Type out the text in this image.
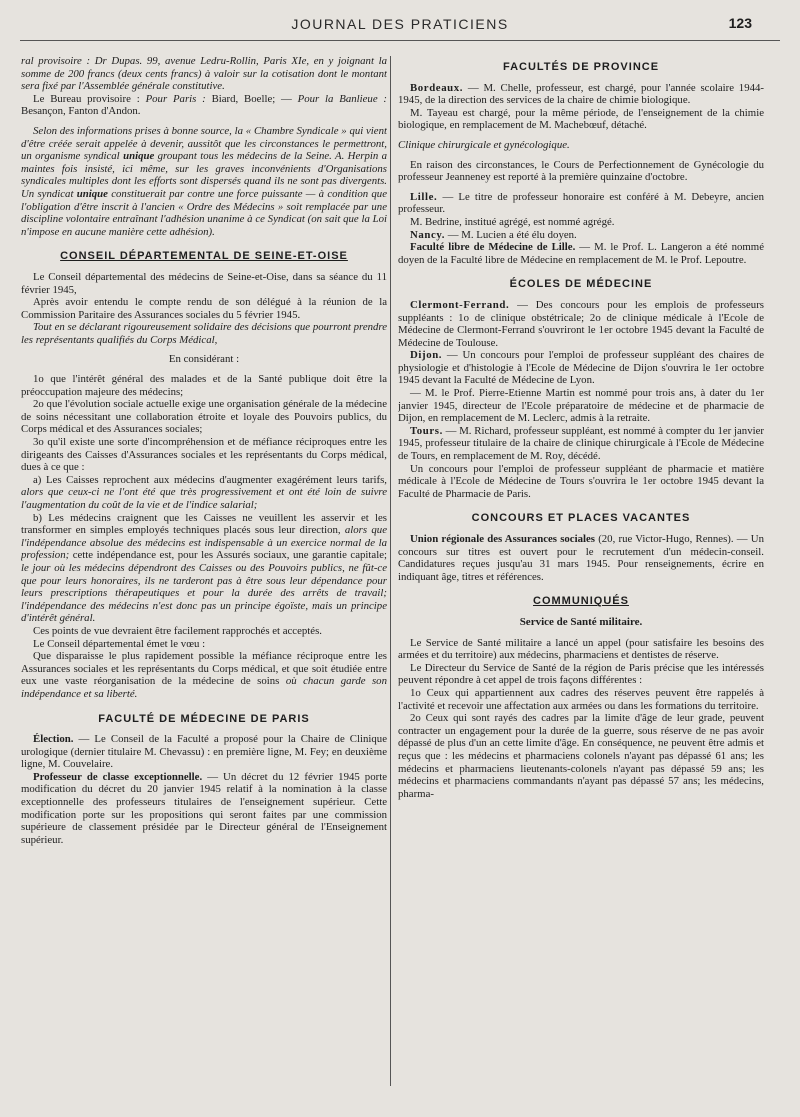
JOURNAL DES PRATICIENS	123

ral provisoire : Dr Dupas. 99, avenue Ledru-Rollin, Paris XIe, en y joignant la somme de 200 francs (deux cents francs) à valoir sur la cotisation dont le montant sera fixé par l'Assemblée générale constitutive.

Le Bureau provisoire : Pour Paris : Biard, Boelle; — Pour la Banlieue : Besançon, Fanton d'Andon.

Selon des informations prises à bonne source, la « Chambre Syndicale » qui vient d'être créée serait appelée à devenir, aussitôt que les circonstances le permettront, un organisme syndical unique groupant tous les médecins de la Seine. A. Herpin a maintes fois insisté, ici même, sur les graves inconvénients d'Organisations syndicales multiples dont les efforts sont dispersés quand ils ne sont pas divergents. Un syndicat unique constituerait par contre une force puissante — à condition que l'obligation d'être inscrit à l'ancien « Ordre des Médecins » soit remplacée par une discipline volontaire entraînant l'adhésion unanime à ce Syndicat (on sait que la Loi n'impose en aucune manière cette adhésion).

CONSEIL DÉPARTEMENTAL DE SEINE-ET-OISE

Le Conseil départemental des médecins de Seine-et-Oise, dans sa séance du 11 février 1945,

Après avoir entendu le compte rendu de son délégué à la réunion de la Commission Paritaire des Assurances sociales du 5 février 1945.

Tout en se déclarant rigoureusement solidaire des décisions que pourront prendre les représentants qualifiés du Corps Médical,

En considérant :

1o que l'intérêt général des malades et de la Santé publique doit être la préoccupation majeure des médecins;

2o que l'évolution sociale actuelle exige une organisation générale de la médecine de soins nécessitant une collaboration étroite et loyale des Pouvoirs publics, du Corps médical et des Assurances sociales;

3o qu'il existe une sorte d'incompréhension et de méfiance réciproques entre les dirigeants des Caisses d'Assurances sociales et les représentants du Corps médical, dues à ce que :

a) Les Caisses reprochent aux médecins d'augmenter exagérément leurs tarifs, alors que ceux-ci ne l'ont été que très progressivement et ont été loin de suivre l'augmentation du coût de la vie et de l'indice salarial;

b) Les médecins craignent que les Caisses ne veuillent les asservir et les transformer en simples employés techniques placés sous leur direction, alors que l'indépendance absolue des médecins est indispensable à un exercice normal de la profession; cette indépendance est, pour les Assurés sociaux, une garantie capitale; le jour où les médecins dépendront des Caisses ou des Pouvoirs publics, ne fût-ce que pour leurs honoraires, ils ne tarderont pas à être sous leur dépendance pour leurs prescriptions thérapeutiques et pour la durée des arrêts de travail; l'indépendance des médecins n'est donc pas un principe égoïste, mais un principe d'intérêt général.

Ces points de vue devraient être facilement rapprochés et acceptés.

Le Conseil départemental émet le vœu :

Que disparaisse le plus rapidement possible la méfiance réciproque entre les Assurances sociales et les représentants du Corps médical, et que soit étudiée entre eux une vaste réorganisation de la médecine de soins où chacun garde son indépendance et sa liberté.

FACULTÉ DE MÉDECINE DE PARIS

Élection. — Le Conseil de la Faculté a proposé pour la Chaire de Clinique urologique (dernier titulaire M. Chevassu) : en première ligne, M. Fey; en deuxième ligne, M. Couvelaire.

Professeur de classe exceptionnelle. — Un décret du 12 février 1945 porte modification du décret du 20 janvier 1945 relatif à la nomination à la classe exceptionnelle des professeurs titulaires de l'enseignement supérieur. Cette modification porte sur les propositions qui seront faites par une commission supérieure de classement présidée par le Directeur général de l'Enseignement supérieur.

FACULTÉS DE PROVINCE

Bordeaux. — M. Chelle, professeur, est chargé, pour l'année scolaire 1944-1945, de la direction des services de la chaire de chimie biologique.

M. Tayeau est chargé, pour la même période, de l'enseignement de la chimie biologique, en remplacement de M. Machebœuf, détaché.

Clinique chirurgicale et gynécologique.

En raison des circonstances, le Cours de Perfectionnement de Gynécologie du professeur Jeanneney est reporté à la première quinzaine d'octobre.

Lille. — Le titre de professeur honoraire est conféré à M. Debeyre, ancien professeur.

M. Bedrine, institué agrégé, est nommé agrégé.

Nancy. — M. Lucien a été élu doyen.

Faculté libre de Médecine de Lille. — M. le Prof. L. Langeron a été nommé doyen de la Faculté libre de Médecine en remplacement de M. le Prof. Lepoutre.

ÉCOLES DE MÉDECINE

Clermont-Ferrand. — Des concours pour les emplois de professeurs suppléants : 1o de clinique obstétricale; 2o de clinique médicale à l'Ecole de Médecine de Clermont-Ferrand s'ouvriront le 1er octobre 1945 devant la Faculté de Médecine de Toulouse.

Dijon. — Un concours pour l'emploi de professeur suppléant des chaires de physiologie et d'histologie à l'Ecole de Médecine de Dijon s'ouvrira le 1er octobre 1945 devant la Faculté de Médecine de Lyon.

— M. le Prof. Pierre-Etienne Martin est nommé pour trois ans, à dater du 1er janvier 1945, directeur de l'Ecole préparatoire de médecine et de pharmacie de Dijon, en remplacement de M. Leclerc, admis à la retraite.

Tours. — M. Richard, professeur suppléant, est nommé à compter du 1er janvier 1945, professeur titulaire de la chaire de clinique chirurgicale à l'Ecole de Médecine de Tours, en remplacement de M. Roy, décédé.

Un concours pour l'emploi de professeur suppléant de pharmacie et matière médicale à l'Ecole de Médecine de Tours s'ouvrira le 1er octobre 1945 devant la Faculté de Pharmacie de Paris.

CONCOURS ET PLACES VACANTES

Union régionale des Assurances sociales (20, rue Victor-Hugo, Rennes). — Un concours sur titres est ouvert pour le recrutement d'un médecin-conseil. Candidatures reçues jusqu'au 31 mars 1945. Pour renseignements, écrire en indiquant âge, titres et références.

COMMUNIQUÉS
Service de Santé militaire.

Le Service de Santé militaire a lancé un appel (pour satisfaire les besoins des armées et du territoire) aux médecins, pharmaciens et dentistes de réserve.

Le Directeur du Service de Santé de la région de Paris précise que les intéressés peuvent répondre à cet appel de trois façons différentes :

1o Ceux qui appartiennent aux cadres des réserves peuvent être rappelés à l'activité et recevoir une affectation aux armées ou dans les formations du territoire.

2o Ceux qui sont rayés des cadres par la limite d'âge de leur grade, peuvent contracter un engagement pour la durée de la guerre, sous réserve de ne pas avoir dépassé de plus d'un an cette limite d'âge. En conséquence, ne peuvent être admis et reçus que : les médecins et pharmaciens colonels n'ayant pas dépassé 61 ans; les médecins et pharmaciens lieutenants-colonels n'ayant pas dépassé 59 ans; les médecins et pharmaciens commandants n'ayant pas dépassé 57 ans; les médecins, pharma-
